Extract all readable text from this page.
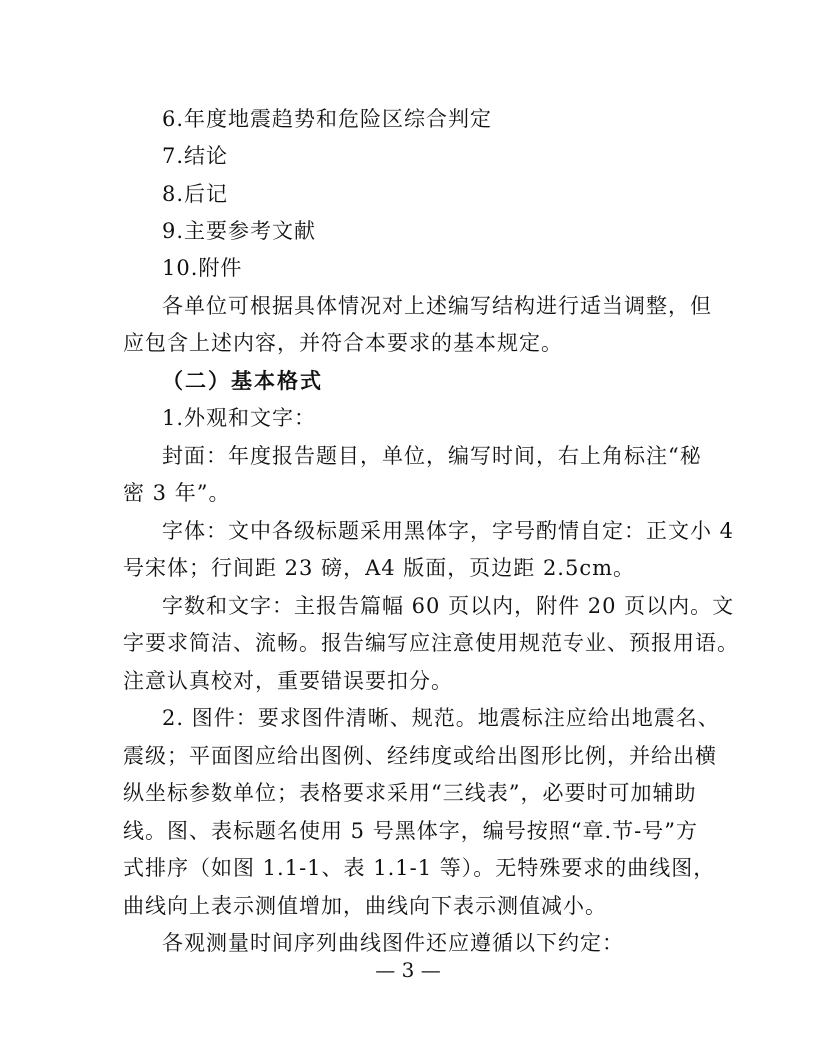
6.年度地震趋势和危险区综合判定
7.结论
8.后记
9.主要参考文献
10.附件
各单位可根据具体情况对上述编写结构进行适当调整，但
应包含上述内容，并符合本要求的基本规定。
（二）基本格式
1.外观和文字：
封面：年度报告题目，单位，编写时间，右上角标注“秘
密 3 年”。
字体：文中各级标题采用黑体字，字号酌情自定：正文小 4
号宋体；行间距 23 磅，A4 版面，页边距 2.5cm。
字数和文字：主报告篇幅 60 页以内，附件 20 页以内。文
字要求简洁、流畅。报告编写应注意使用规范专业、预报用语。
注意认真校对，重要错误要扣分。
2. 图件：要求图件清晰、规范。地震标注应给出地震名、
震级；平面图应给出图例、经纬度或给出图形比例，并给出横
纵坐标参数单位；表格要求采用“三线表”，必要时可加辅助
线。图、表标题名使用 5 号黑体字，编号按照“章.节-号”方
式排序（如图 1.1-1、表 1.1-1 等）。无特殊要求的曲线图，
曲线向上表示测值增加，曲线向下表示测值减小。
各观测量时间序列曲线图件还应遵循以下约定：
— 3 —
